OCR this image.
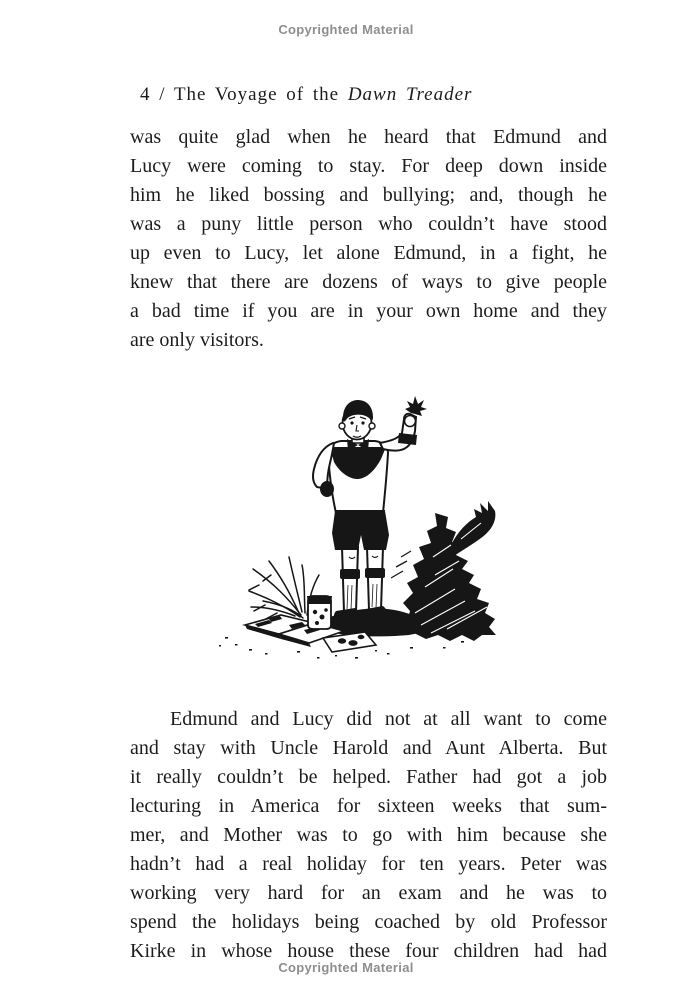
Copyrighted Material
4 / The Voyage of the Dawn Treader
was quite glad when he heard that Edmund and
Lucy were coming to stay. For deep down inside
him he liked bossing and bullying; and, though he
was a puny little person who couldn’t have stood
up even to Lucy, let alone Edmund, in a fight, he
knew that there are dozens of ways to give people
a bad time if you are in your own home and they
are only visitors.
Edmund and Lucy did not at all want to come
and stay with Uncle Harold and Aunt Alberta. But
it really couldn’t be helped. Father had got a job
lecturing in America for sixteen weeks that sum-
mer, and Mother was to go with him because she
hadn’t had a real holiday for ten years. Peter was
working very hard for an exam and he was to
spend the holidays being coached by old Professor
Kirke in whose house these four children had had
Copyrighted Material
